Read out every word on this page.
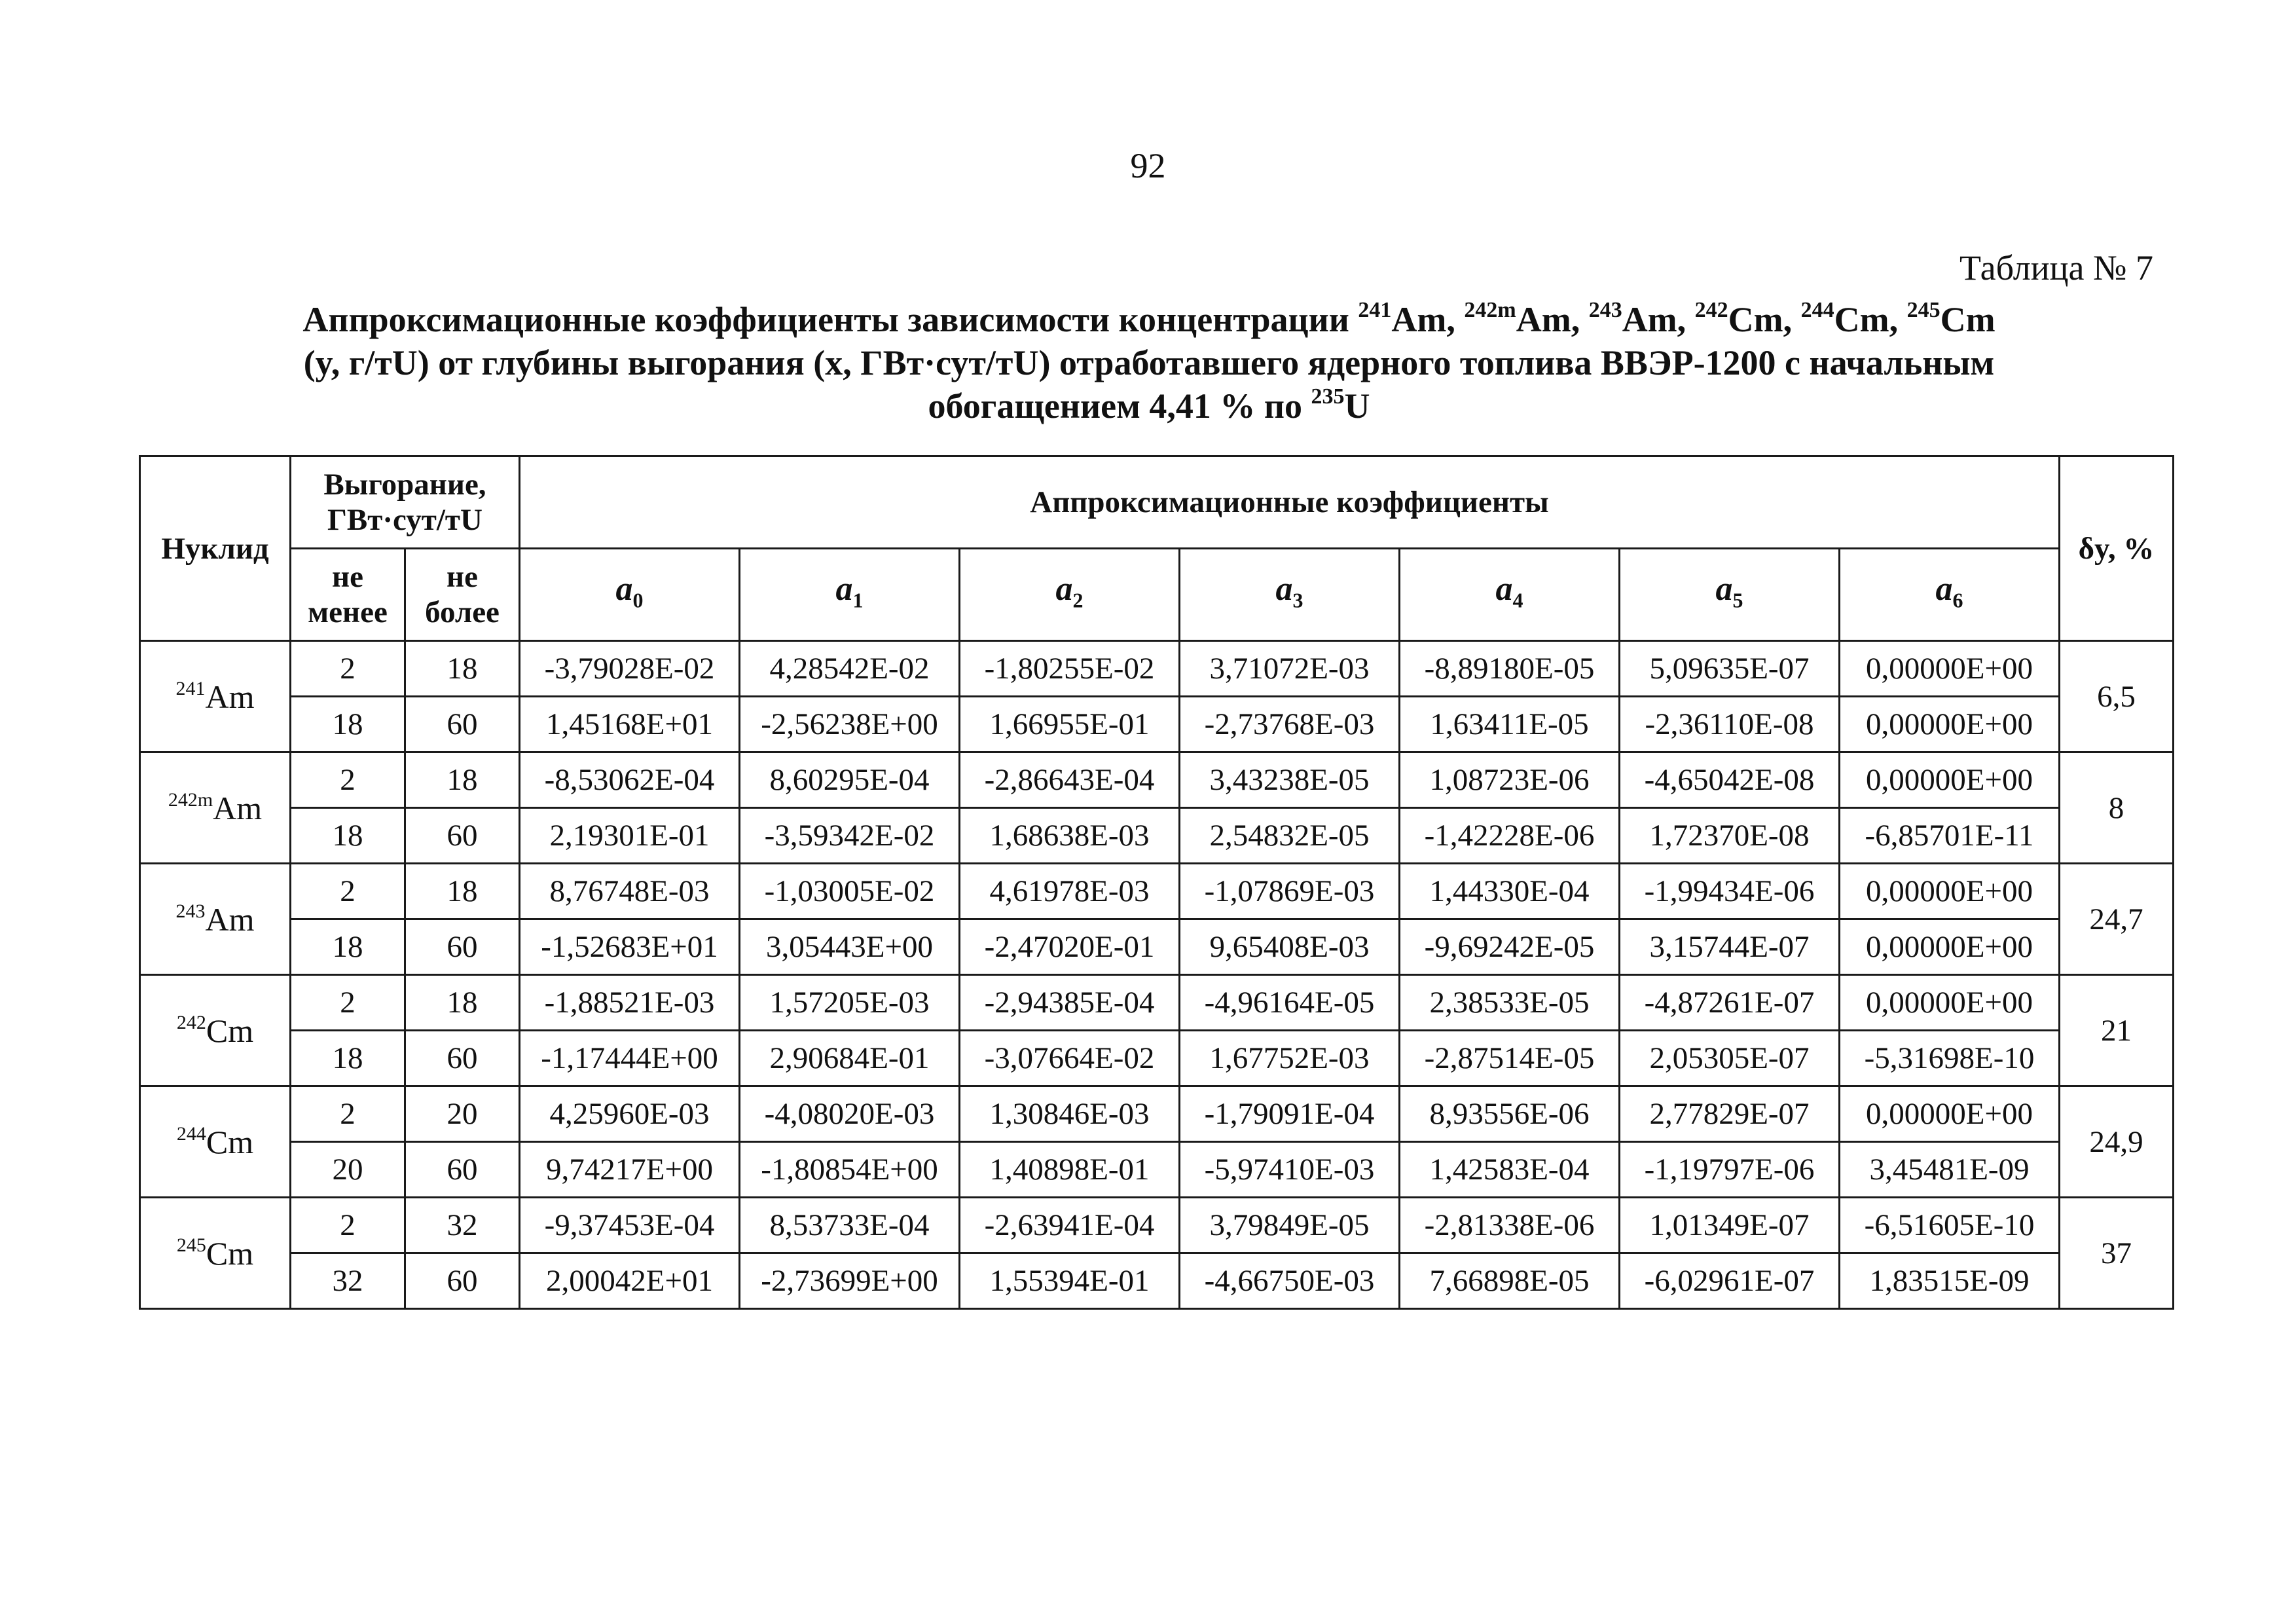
92
Таблица № 7
Аппроксимационные коэффициенты зависимости концентрации $^{241}$Am, $^{242m}$Am, $^{243}$Am, $^{242}$Cm, $^{244}$Cm, $^{245}$Cm
(y, г/тU) от глубины выгорания (x, ГВт·сут/тU) отработавшего ядерного топлива ВВЭР-1200 с начальным
обогащением 4,41 % по $^{235}$U
Нуклид	Выгорание, ГВт·сут/тU		Аппроксимационные коэффициенты							δy, %
	не менее	не более	$a_0$	$a_1$	$a_2$	$a_3$	$a_4$	$a_5$	$a_6$
$^{241}$Am	2	18	-3,79028E-02	4,28542E-02	-1,80255E-02	3,71072E-03	-8,89180E-05	5,09635E-07	0,00000E+00	6,5
	18	60	1,45168E+01	-2,56238E+00	1,66955E-01	-2,73768E-03	1,63411E-05	-2,36110E-08	0,00000E+00	
$^{242m}$Am	2	18	-8,53062E-04	8,60295E-04	-2,86643E-04	3,43238E-05	1,08723E-06	-4,65042E-08	0,00000E+00	8
	18	60	2,19301E-01	-3,59342E-02	1,68638E-03	2,54832E-05	-1,42228E-06	1,72370E-08	-6,85701E-11	
$^{243}$Am	2	18	8,76748E-03	-1,03005E-02	4,61978E-03	-1,07869E-03	1,44330E-04	-1,99434E-06	0,00000E+00	24,7
	18	60	-1,52683E+01	3,05443E+00	-2,47020E-01	9,65408E-03	-9,69242E-05	3,15744E-07	0,00000E+00	
$^{242}$Cm	2	18	-1,88521E-03	1,57205E-03	-2,94385E-04	-4,96164E-05	2,38533E-05	-4,87261E-07	0,00000E+00	21
	18	60	-1,17444E+00	2,90684E-01	-3,07664E-02	1,67752E-03	-2,87514E-05	2,05305E-07	-5,31698E-10	
$^{244}$Cm	2	20	4,25960E-03	-4,08020E-03	1,30846E-03	-1,79091E-04	8,93556E-06	2,77829E-07	0,00000E+00	24,9
	20	60	9,74217E+00	-1,80854E+00	1,40898E-01	-5,97410E-03	1,42583E-04	-1,19797E-06	3,45481E-09	
$^{245}$Cm	2	32	-9,37453E-04	8,53733E-04	-2,63941E-04	3,79849E-05	-2,81338E-06	1,01349E-07	-6,51605E-10	37
	32	60	2,00042E+01	-2,73699E+00	1,55394E-01	-4,66750E-03	7,66898E-05	-6,02961E-07	1,83515E-09	
